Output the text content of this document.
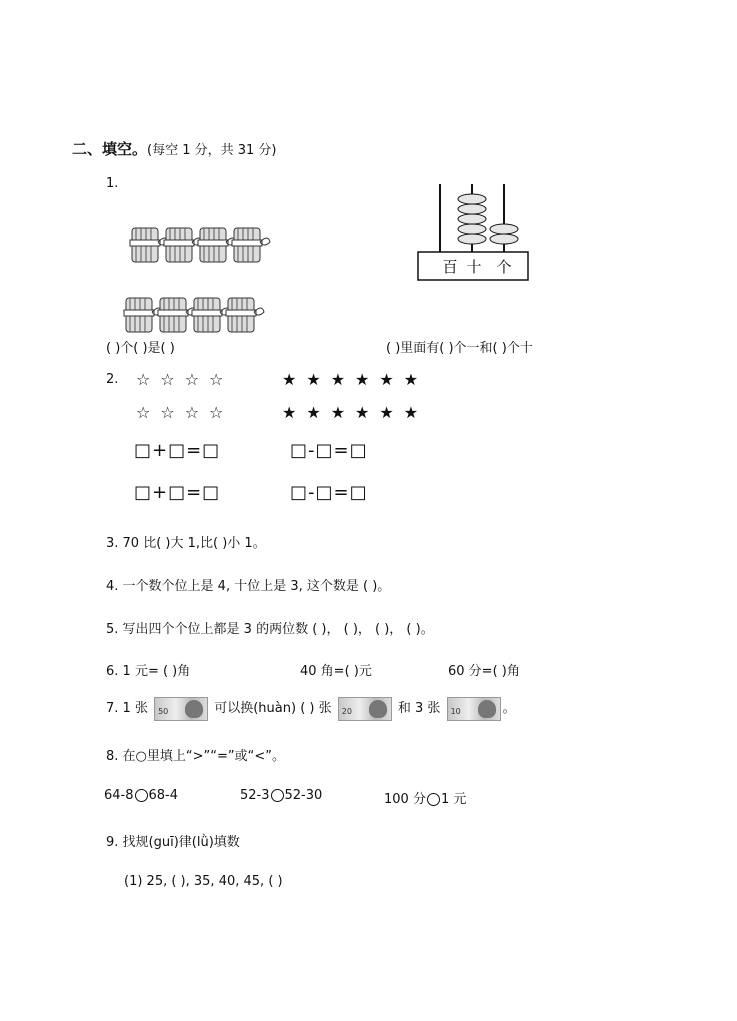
二、填空。(每空 1 分，共 31 分)
1.
百 十 个
( )个( )是( )	( )里面有( )个一和( )个十
2. ☆☆☆☆	★★★★★★
☆☆☆☆	★★★★★★
□+□=□	□-□=□
□+□=□	□-□=□
3. 70 比( )大 1,比( )小 1。
4. 一个数个位上是 4, 十位上是 3, 这个数是 ( )。
5. 写出四个个位上都是 3 的两位数 ( )， ( )， ( )， ( )。
6. 1 元= ( )角	40 角=( )元	60 分=( )角
7. 1 张 50	可以换(huàn) ( ) 张 20	和 3 张 10	。
8. 在○里填上“>”“=”或“<”。
64-8 68-4	52-3 52-30	100 分 1 元
9. 找规(guī)律(lǜ)填数
(1) 25, ( ), 35, 40, 45, ( )
